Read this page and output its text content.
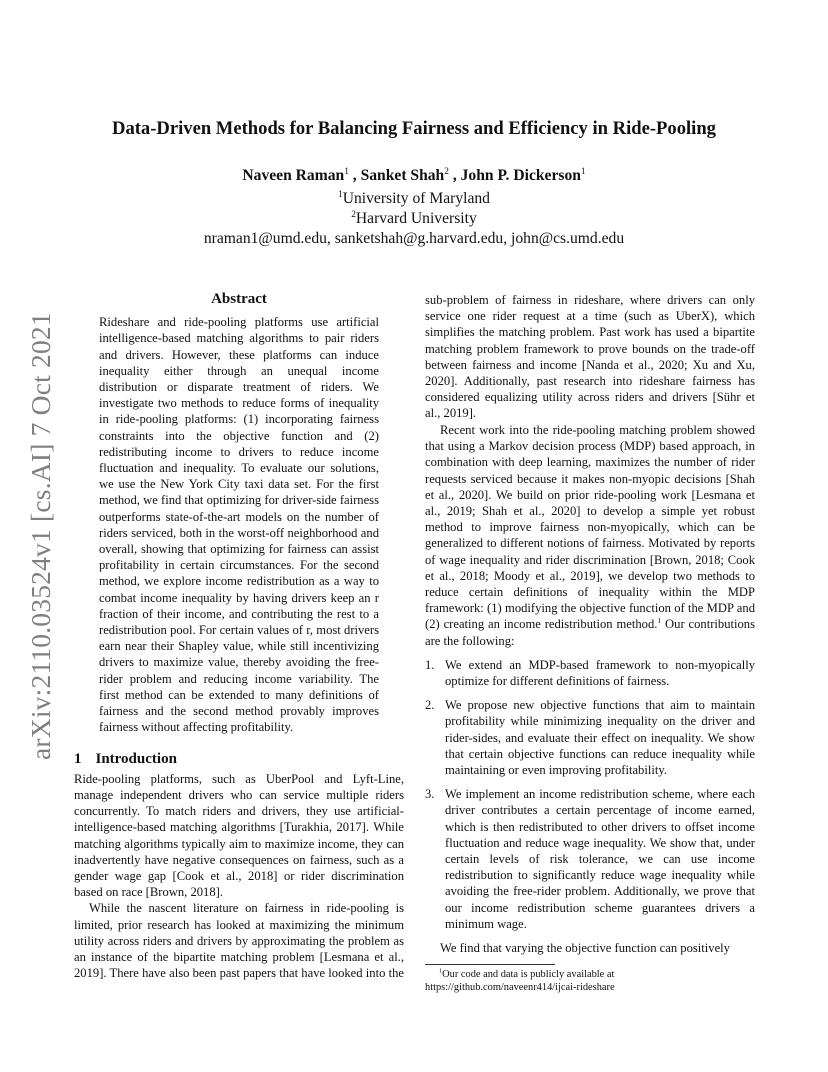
arXiv:2110.03524v1 [cs.AI] 7 Oct 2021
Data-Driven Methods for Balancing Fairness and Efficiency in Ride-Pooling
Naveen Raman$^1$ , Sanket Shah$^2$ , John P. Dickerson$^1$
$^1$University of Maryland
$^2$Harvard University
nraman1@umd.edu, sanketshah@g.harvard.edu, john@cs.umd.edu
Abstract

Rideshare and ride-pooling platforms use artificial intelligence-based matching algorithms to pair riders and drivers. However, these platforms can induce inequality either through an unequal income distribution or disparate treatment of riders. We investigate two methods to reduce forms of inequality in ride-pooling platforms: (1) incorporating fairness constraints into the objective function and (2) redistributing income to drivers to reduce income fluctuation and inequality. To evaluate our solutions, we use the New York City taxi data set. For the first method, we find that optimizing for driver-side fairness outperforms state-of-the-art models on the number of riders serviced, both in the worst-off neighborhood and overall, showing that optimizing for fairness can assist profitability in certain circumstances. For the second method, we explore income redistribution as a way to combat income inequality by having drivers keep an r fraction of their income, and contributing the rest to a redistribution pool. For certain values of r, most drivers earn near their Shapley value, while still incentivizing drivers to maximize value, thereby avoiding the free-rider problem and reducing income variability. The first method can be extended to many definitions of fairness and the second method provably improves fairness without affecting profitability.

1 Introduction

Ride-pooling platforms, such as UberPool and Lyft-Line, manage independent drivers who can service multiple riders concurrently. To match riders and drivers, they use artificial-intelligence-based matching algorithms [Turakhia, 2017]. While matching algorithms typically aim to maximize income, they can inadvertently have negative consequences on fairness, such as a gender wage gap [Cook et al., 2018] or rider discrimination based on race [Brown, 2018].

While the nascent literature on fairness in ride-pooling is limited, prior research has looked at maximizing the minimum utility across riders and drivers by approximating the problem as an instance of the bipartite matching problem [Lesmana et al., 2019]. There have also been past papers that have looked into the

sub-problem of fairness in rideshare, where drivers can only service one rider request at a time (such as UberX), which simplifies the matching problem. Past work has used a bipartite matching problem framework to prove bounds on the trade-off between fairness and income [Nanda et al., 2020; Xu and Xu, 2020]. Additionally, past research into rideshare fairness has considered equalizing utility across riders and drivers [Sühr et al., 2019].

Recent work into the ride-pooling matching problem showed that using a Markov decision process (MDP) based approach, in combination with deep learning, maximizes the number of rider requests serviced because it makes non-myopic decisions [Shah et al., 2020]. We build on prior ride-pooling work [Lesmana et al., 2019; Shah et al., 2020] to develop a simple yet robust method to improve fairness non-myopically, which can be generalized to different notions of fairness. Motivated by reports of wage inequality and rider discrimination [Brown, 2018; Cook et al., 2018; Moody et al., 2019], we develop two methods to reduce certain definitions of inequality within the MDP framework: (1) modifying the objective function of the MDP and (2) creating an income redistribution method.$^1$ Our contributions are the following:

1. We extend an MDP-based framework to non-myopically optimize for different definitions of fairness.
2. We propose new objective functions that aim to maintain profitability while minimizing inequality on the driver and rider-sides, and evaluate their effect on inequality. We show that certain objective functions can reduce inequality while maintaining or even improving profitability.
3. We implement an income redistribution scheme, where each driver contributes a certain percentage of income earned, which is then redistributed to other drivers to offset income fluctuation and reduce wage inequality. We show that, under certain levels of risk tolerance, we can use income redistribution to significantly reduce wage inequality while avoiding the free-rider problem. Additionally, we prove that our income redistribution scheme guarantees drivers a minimum wage.

We find that varying the objective function can positively

$^1$Our code and data is publicly available at https://github.com/naveenr414/ijcai-rideshare
